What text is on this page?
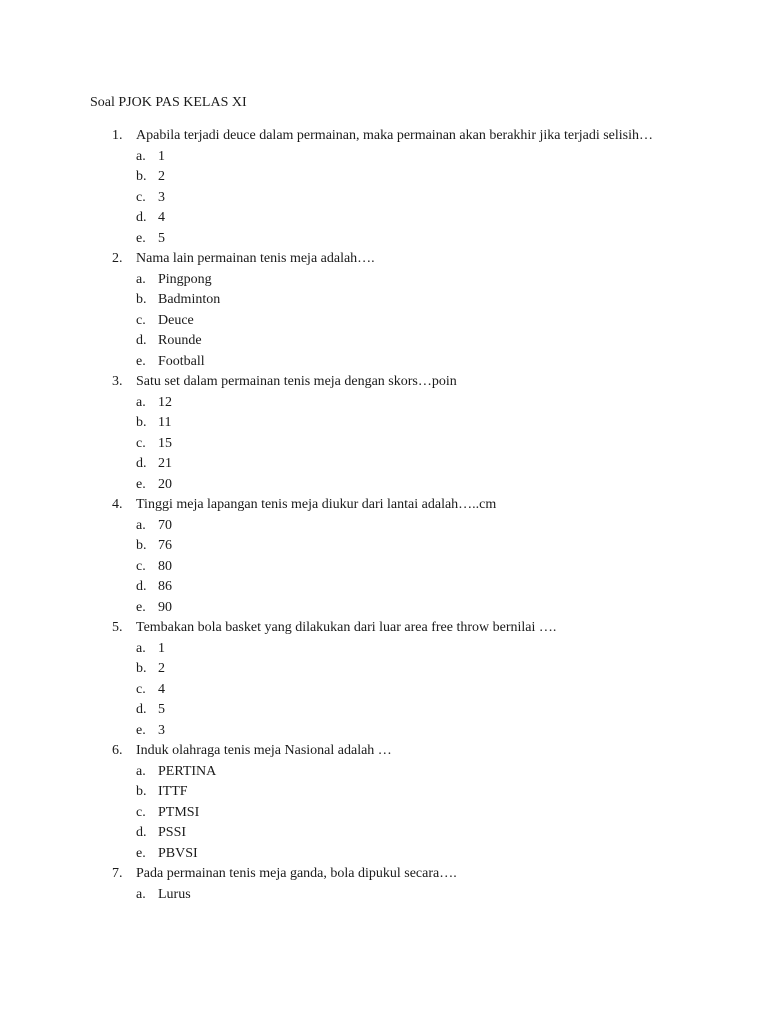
Soal PJOK PAS KELAS XI
1. Apabila terjadi deuce dalam permainan, maka permainan akan berakhir jika terjadi selisih…
a. 1
b. 2
c. 3
d. 4
e. 5
2. Nama lain permainan tenis meja adalah….
a. Pingpong
b. Badminton
c. Deuce
d. Rounde
e. Football
3. Satu set dalam permainan tenis meja dengan skors…poin
a. 12
b. 11
c. 15
d. 21
e. 20
4. Tinggi meja lapangan tenis meja diukur dari lantai adalah…..cm
a. 70
b. 76
c. 80
d. 86
e. 90
5. Tembakan bola basket yang dilakukan dari luar area free throw bernilai ….
a. 1
b. 2
c. 4
d. 5
e. 3
6. Induk olahraga tenis meja Nasional adalah …
a. PERTINA
b. ITTF
c. PTMSI
d. PSSI
e. PBVSI
7. Pada permainan tenis meja ganda, bola dipukul secara….
a. Lurus
